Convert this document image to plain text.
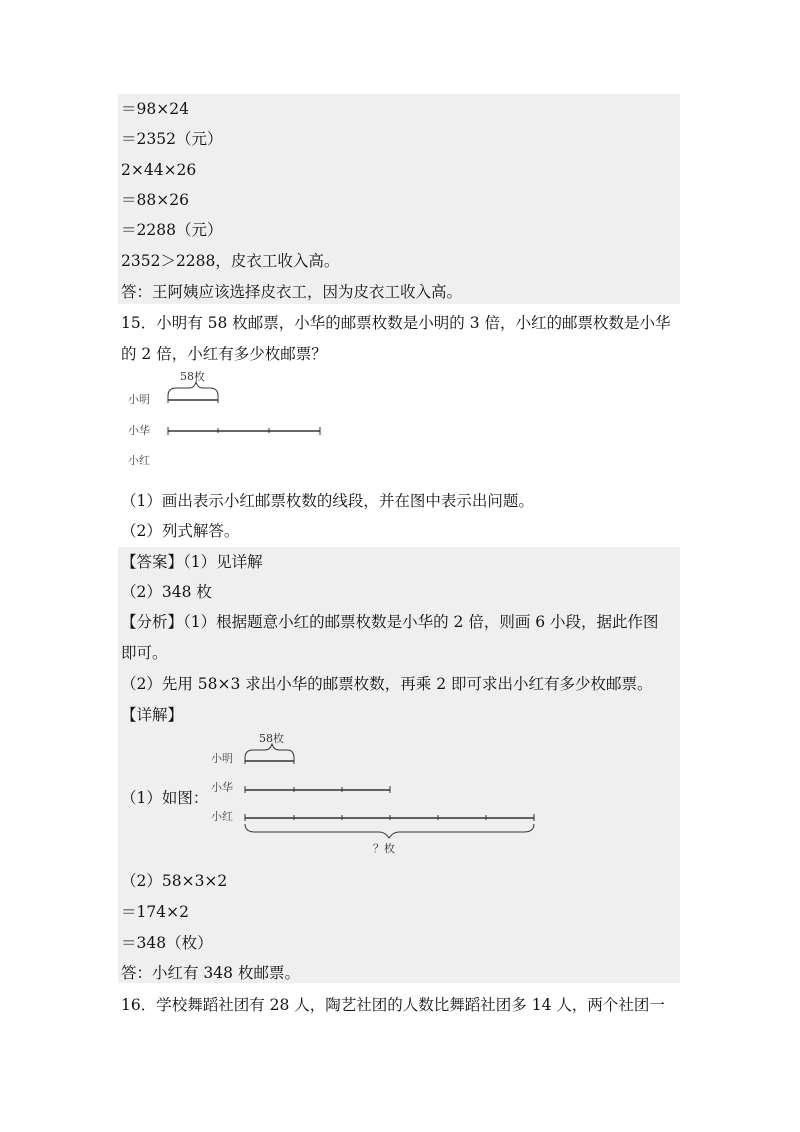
＝98×24
＝2352（元）
2×44×26
＝88×26
＝2288（元）
2352＞2288，皮衣工收入高。
答：王阿姨应该选择皮衣工，因为皮衣工收入高。
15．小明有 58 枚邮票，小华的邮票枚数是小明的 3 倍，小红的邮票枚数是小华
的 2 倍，小红有多少枚邮票？
58枚
小明
小华
小红
（1）画出表示小红邮票枚数的线段，并在图中表示出问题。
（2）列式解答。
【答案】（1）见详解
（2）348 枚
【分析】（1）根据题意小红的邮票枚数是小华的 2 倍，则画 6 小段，据此作图
即可。
（2）先用 58×3 求出小华的邮票枚数，再乘 2 即可求出小红有多少枚邮票。
【详解】
（1）如图：
58枚
小明
小华
小红
？枚
（2）58×3×2
＝174×2
＝348（枚）
答：小红有 348 枚邮票。
16．学校舞蹈社团有 28 人，陶艺社团的人数比舞蹈社团多 14 人，两个社团一
